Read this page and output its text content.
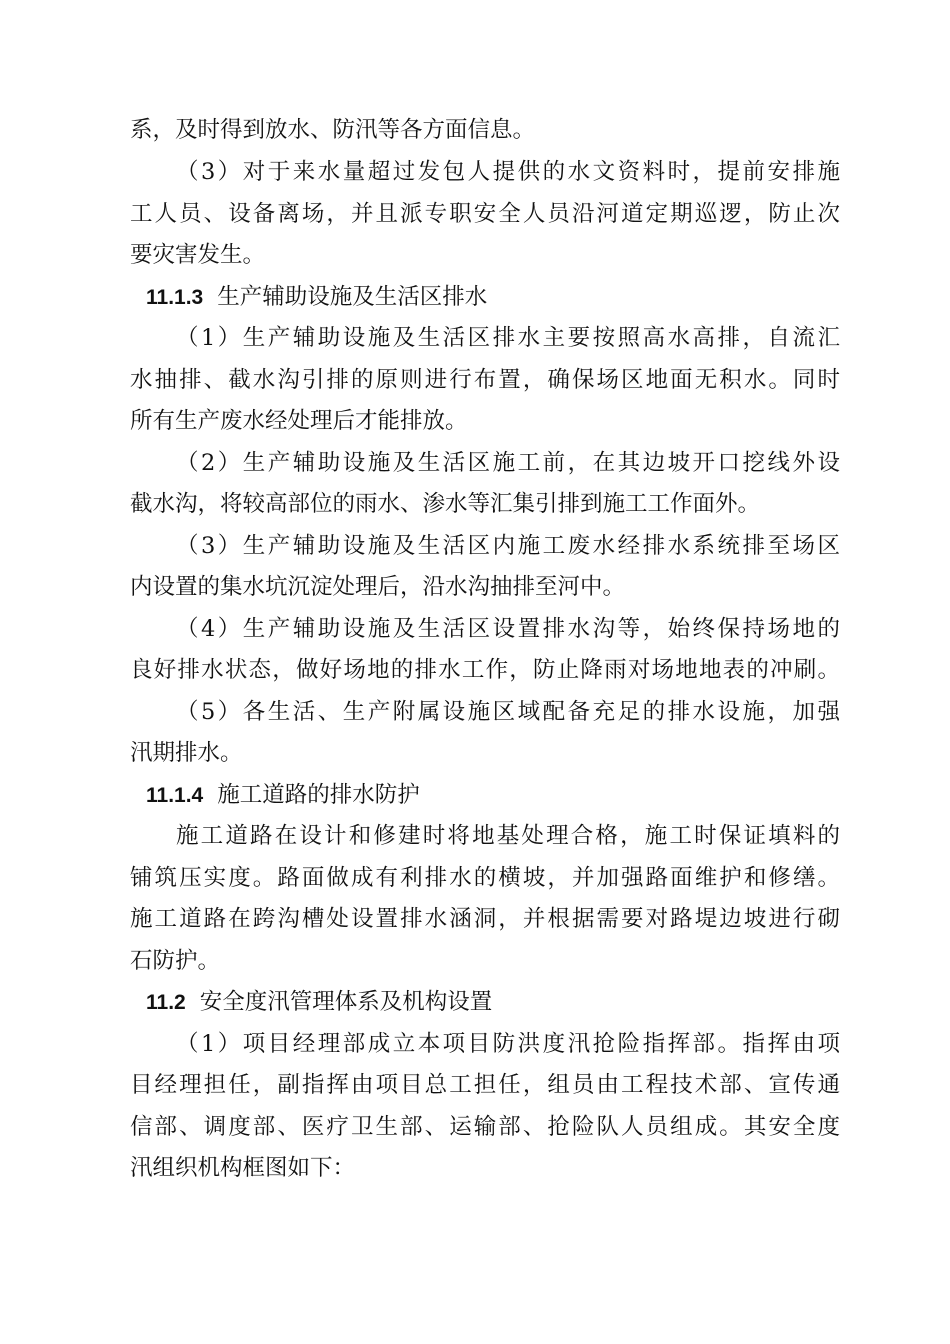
系，及时得到放水、防汛等各方面信息。
（3）对于来水量超过发包人提供的水文资料时，提前安排施
工人员、设备离场，并且派专职安全人员沿河道定期巡逻，防止次
要灾害发生。
11.1.3 生产辅助设施及生活区排水
（1）生产辅助设施及生活区排水主要按照高水高排，自流汇
水抽排、截水沟引排的原则进行布置，确保场区地面无积水。同时
所有生产废水经处理后才能排放。
（2）生产辅助设施及生活区施工前，在其边坡开口挖线外设
截水沟，将较高部位的雨水、渗水等汇集引排到施工工作面外。
（3）生产辅助设施及生活区内施工废水经排水系统排至场区
内设置的集水坑沉淀处理后，沿水沟抽排至河中。
（4）生产辅助设施及生活区设置排水沟等，始终保持场地的
良好排水状态，做好场地的排水工作，防止降雨对场地地表的冲刷。
（5）各生活、生产附属设施区域配备充足的排水设施，加强
汛期排水。
11.1.4 施工道路的排水防护
施工道路在设计和修建时将地基处理合格，施工时保证填料的
铺筑压实度。路面做成有利排水的横坡，并加强路面维护和修缮。
施工道路在跨沟槽处设置排水涵洞，并根据需要对路堤边坡进行砌
石防护。
11.2 安全度汛管理体系及机构设置
（1）项目经理部成立本项目防洪度汛抢险指挥部。指挥由项
目经理担任，副指挥由项目总工担任，组员由工程技术部、宣传通
信部、调度部、医疗卫生部、运输部、抢险队人员组成。其安全度
汛组织机构框图如下：
